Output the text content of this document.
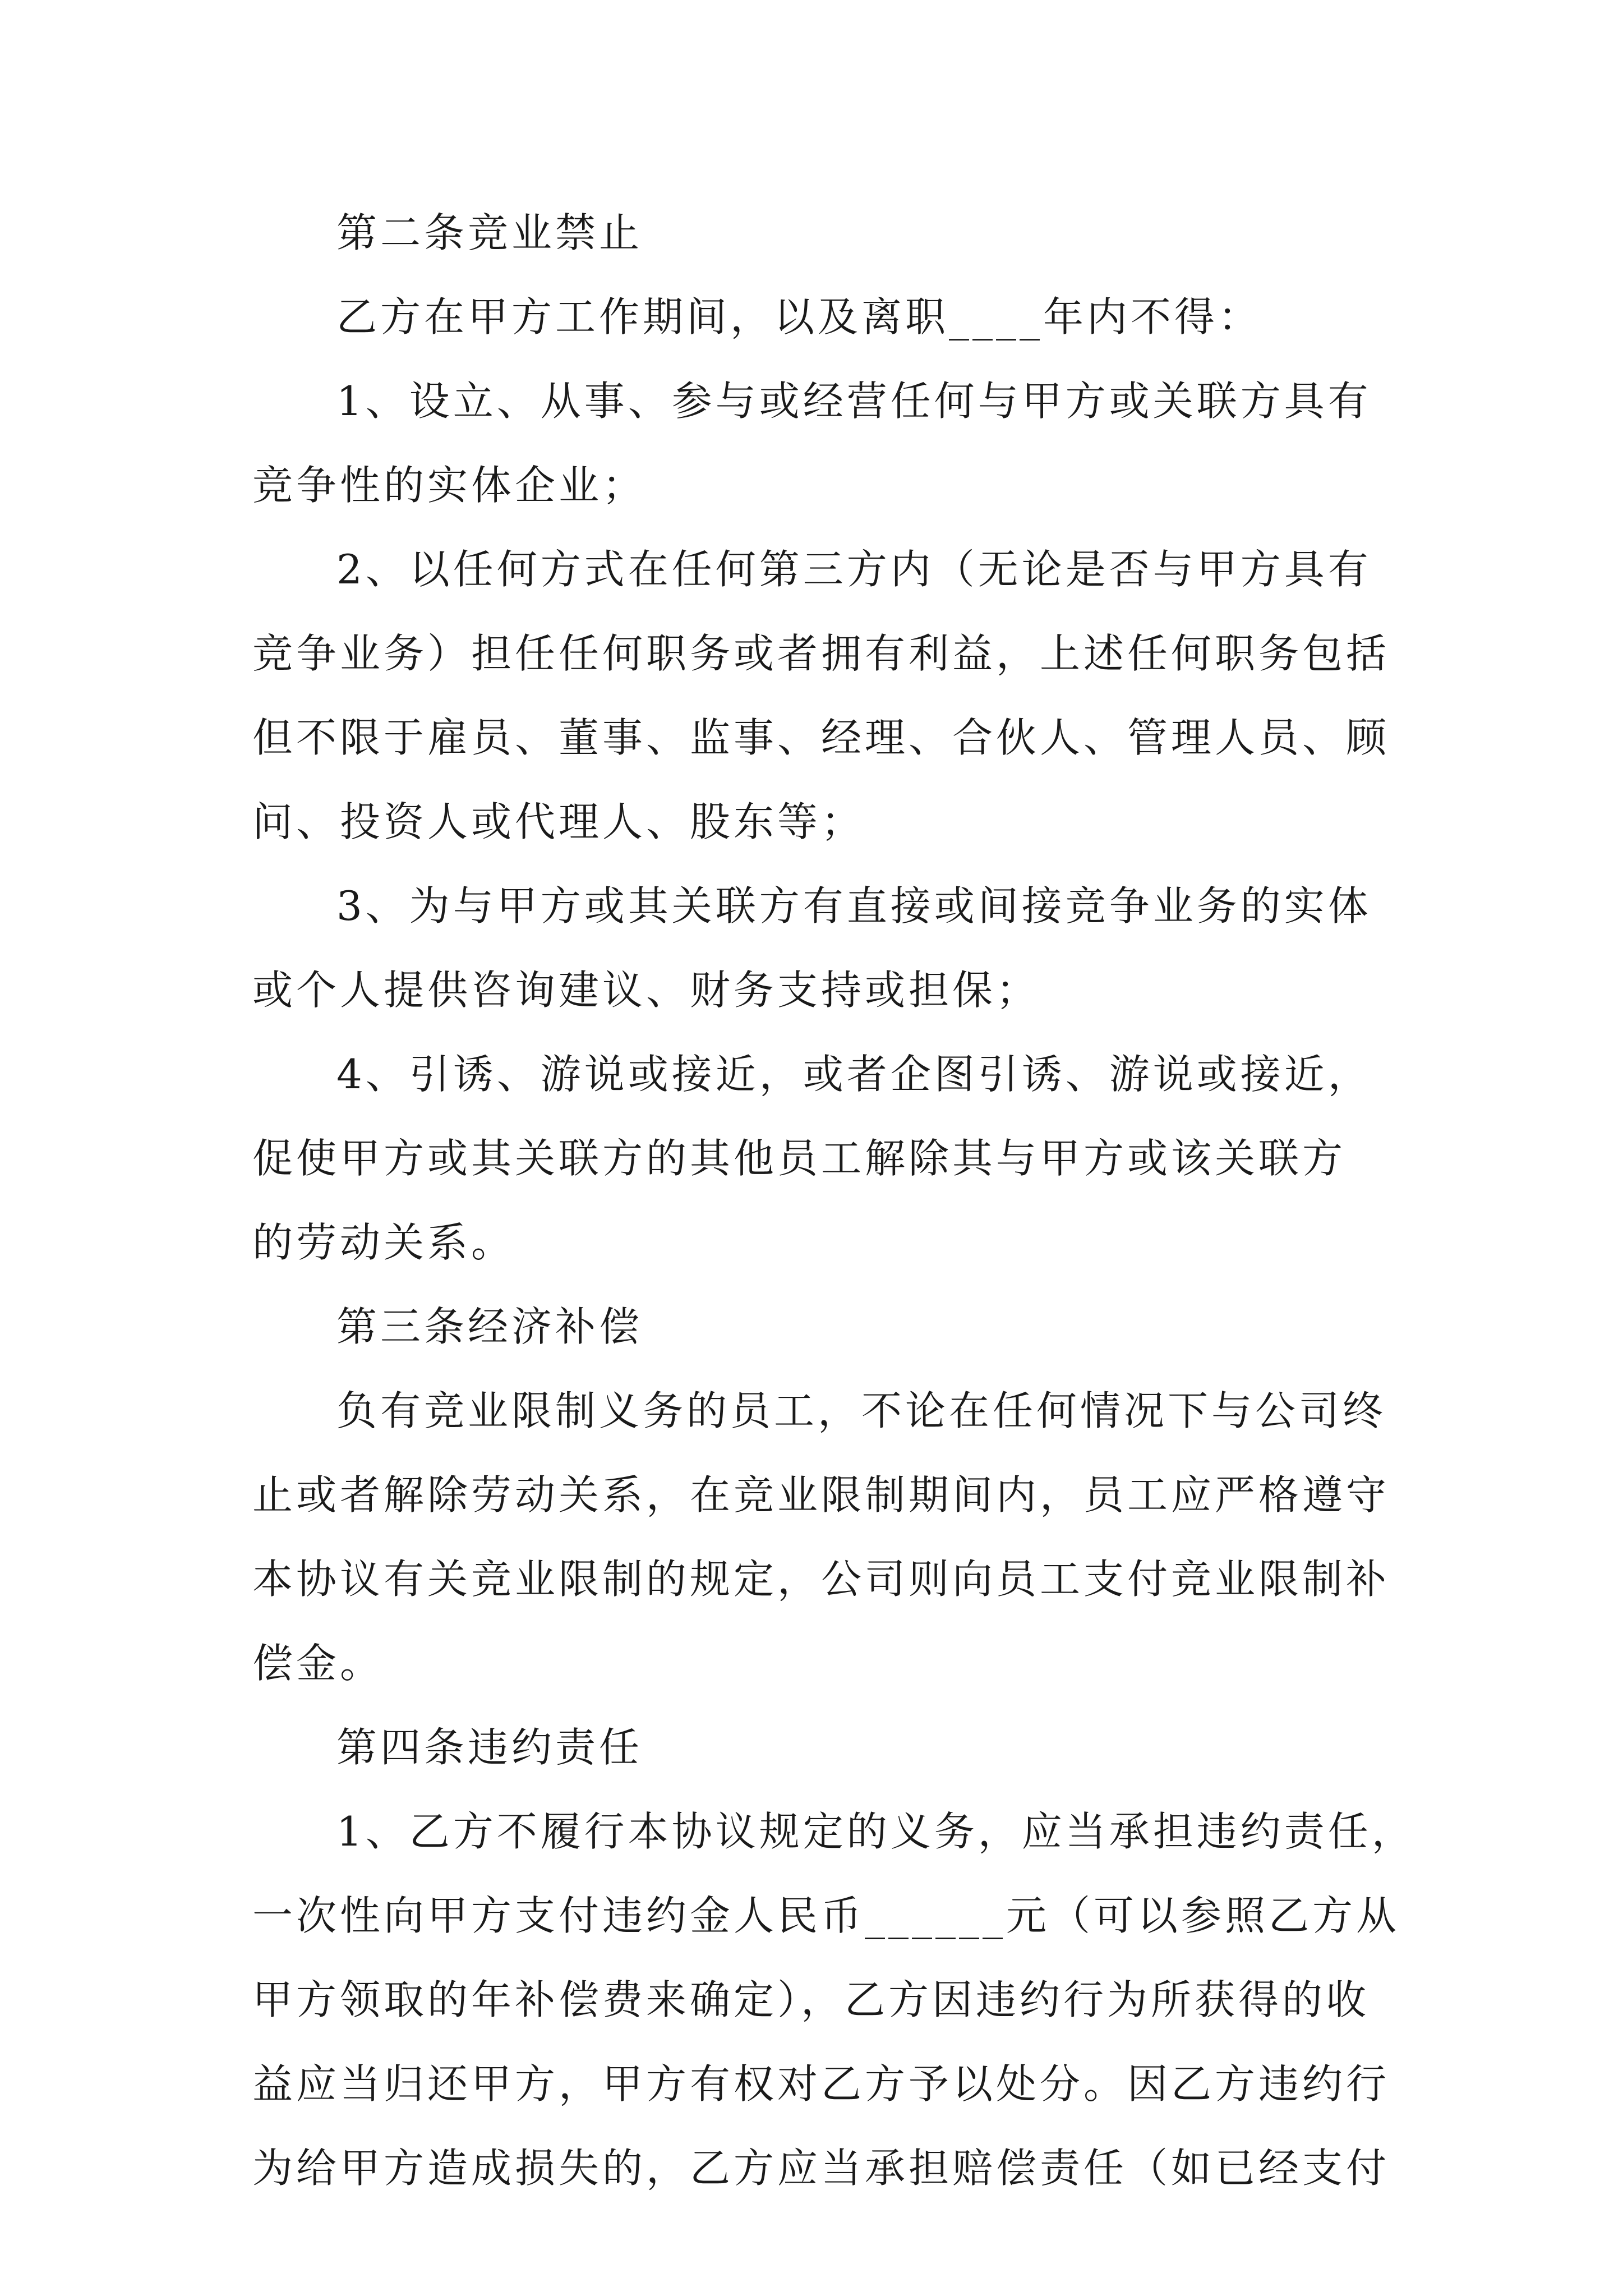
第二条竞业禁止
乙方在甲方工作期间，以及离职____年内不得：
1、设立、从事、参与或经营任何与甲方或关联方具有
竞争性的实体企业；
2、以任何方式在任何第三方内（无论是否与甲方具有
竞争业务）担任任何职务或者拥有利益，上述任何职务包括
但不限于雇员、董事、监事、经理、合伙人、管理人员、顾
问、投资人或代理人、股东等；
3、为与甲方或其关联方有直接或间接竞争业务的实体
或个人提供咨询建议、财务支持或担保；
4、引诱、游说或接近，或者企图引诱、游说或接近，
促使甲方或其关联方的其他员工解除其与甲方或该关联方
的劳动关系。
第三条经济补偿
负有竞业限制义务的员工，不论在任何情况下与公司终
止或者解除劳动关系，在竞业限制期间内，员工应严格遵守
本协议有关竞业限制的规定，公司则向员工支付竞业限制补
偿金。
第四条违约责任
1、乙方不履行本协议规定的义务，应当承担违约责任，
一次性向甲方支付违约金人民币______元（可以参照乙方从
甲方领取的年补偿费来确定），乙方因违约行为所获得的收
益应当归还甲方，甲方有权对乙方予以处分。因乙方违约行
为给甲方造成损失的，乙方应当承担赔偿责任（如已经支付
